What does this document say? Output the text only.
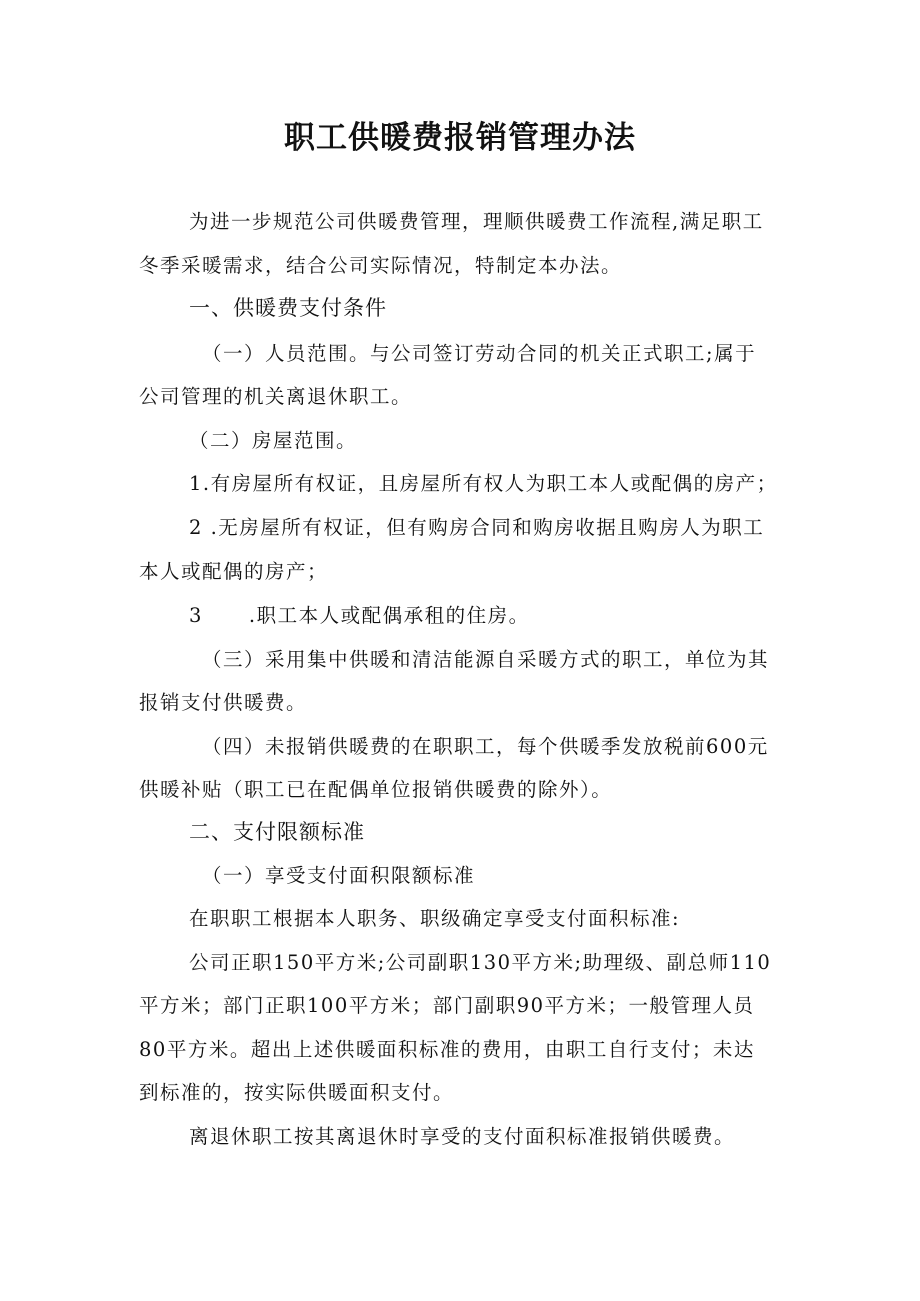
职工供暖费报销管理办法

为进一步规范公司供暖费管理，理顺供暖费工作流程,满足职工

冬季采暖需求，结合公司实际情况，特制定本办法。

一、供暖费支付条件

（一）人员范围。与公司签订劳动合同的机关正式职工;属于

公司管理的机关离退休职工。

（二）房屋范围。

1.有房屋所有权证，且房屋所有权人为职工本人或配偶的房产；

2 .无房屋所有权证，但有购房合同和购房收据且购房人为职工

本人或配偶的房产；

3 .职工本人或配偶承租的住房。

（三）采用集中供暖和清洁能源自采暖方式的职工，单位为其

报销支付供暖费。

（四）未报销供暖费的在职职工，每个供暖季发放税前600元

供暖补贴（职工已在配偶单位报销供暖费的除外）。

二、支付限额标准

（一）享受支付面积限额标准

在职职工根据本人职务、职级确定享受支付面积标准:

公司正职150平方米;公司副职130平方米;助理级、副总师110

平方米；部门正职100平方米；部门副职90平方米；一般管理人员

80平方米。超出上述供暖面积标准的费用，由职工自行支付；未达

到标准的，按实际供暖面积支付。

离退休职工按其离退休时享受的支付面积标准报销供暖费。
